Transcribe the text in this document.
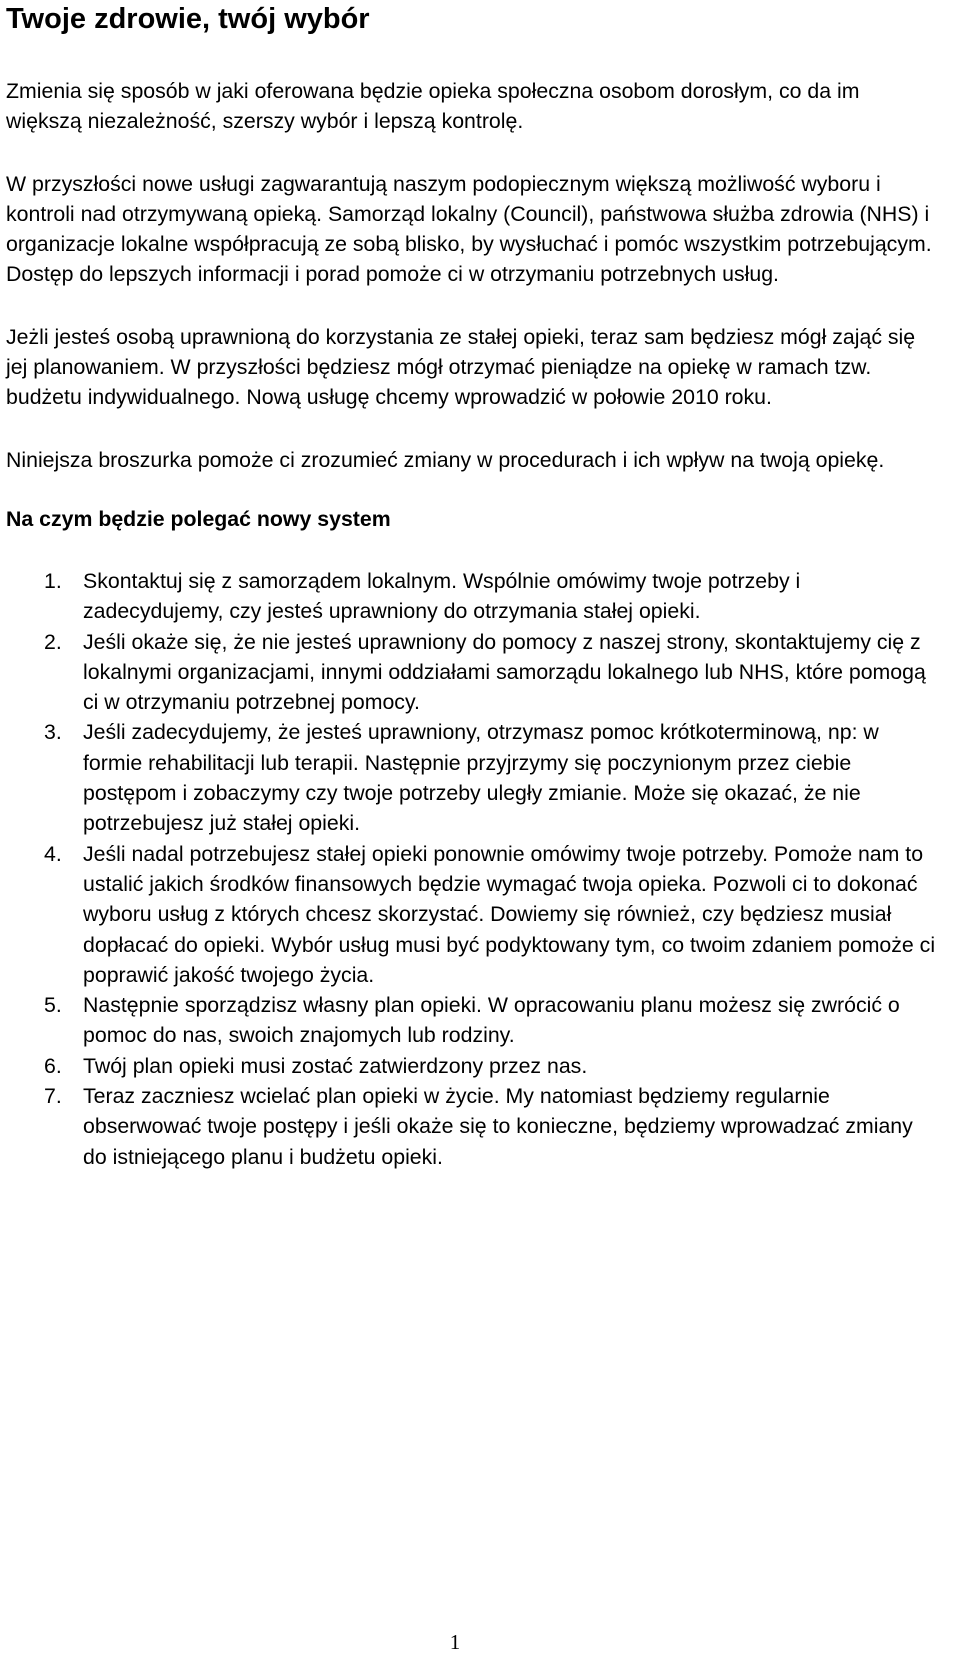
Twoje zdrowie, twój wybór

Zmienia się sposób w jaki oferowana będzie opieka społeczna osobom dorosłym, co da im większą niezależność, szerszy wybór i lepszą kontrolę.

W przyszłości nowe usługi zagwarantują naszym podopiecznym większą możliwość wyboru i kontroli nad otrzymywaną opieką. Samorząd lokalny (Council), państwowa służba zdrowia (NHS) i organizacje lokalne współpracują ze sobą blisko, by wysłuchać i pomóc wszystkim potrzebującym. Dostęp do lepszych informacji i porad pomoże ci w otrzymaniu potrzebnych usług.

Jeżli jesteś osobą uprawnioną do korzystania ze stałej opieki, teraz sam będziesz mógł zająć się jej planowaniem. W przyszłości będziesz mógł otrzymać pieniądze na opiekę w ramach tzw. budżetu indywidualnego. Nową usługę chcemy wprowadzić w połowie 2010 roku.

Niniejsza broszurka pomoże ci zrozumieć zmiany w procedurach i ich wpływ na twoją opiekę.

Na czym będzie polegać nowy system
1. Skontaktuj się z samorządem lokalnym. Wspólnie omówimy twoje potrzeby i zadecydujemy, czy jesteś uprawniony do otrzymania stałej opieki.
2. Jeśli okaże się, że nie jesteś uprawniony do pomocy z naszej strony, skontaktujemy cię z lokalnymi organizacjami, innymi oddziałami samorządu lokalnego lub NHS, które pomogą ci w otrzymaniu potrzebnej pomocy.
3. Jeśli zadecydujemy, że jesteś uprawniony, otrzymasz pomoc krótkoterminową, np: w formie rehabilitacji lub terapii. Następnie przyjrzymy się poczynionym przez ciebie postępom i zobaczymy czy twoje potrzeby uległy zmianie. Może się okazać, że nie potrzebujesz już stałej opieki.
4. Jeśli nadal potrzebujesz stałej opieki ponownie omówimy twoje potrzeby. Pomoże nam to ustalić jakich środków finansowych będzie wymagać twoja opieka. Pozwoli ci to dokonać wyboru usług z których chcesz skorzystać. Dowiemy się również, czy będziesz musiał dopłacać do opieki. Wybór usług musi być podyktowany tym, co twoim zdaniem pomoże ci poprawić jakość twojego życia.
5. Następnie sporządzisz własny plan opieki. W opracowaniu planu możesz się zwrócić o pomoc do nas, swoich znajomych lub rodziny.
6. Twój plan opieki musi zostać zatwierdzony przez nas.
7. Teraz zaczniesz wcielać plan opieki w życie. My natomiast będziemy regularnie obserwować twoje postępy i jeśli okaże się to konieczne, będziemy wprowadzać zmiany do istniejącego planu i budżetu opieki.
1
